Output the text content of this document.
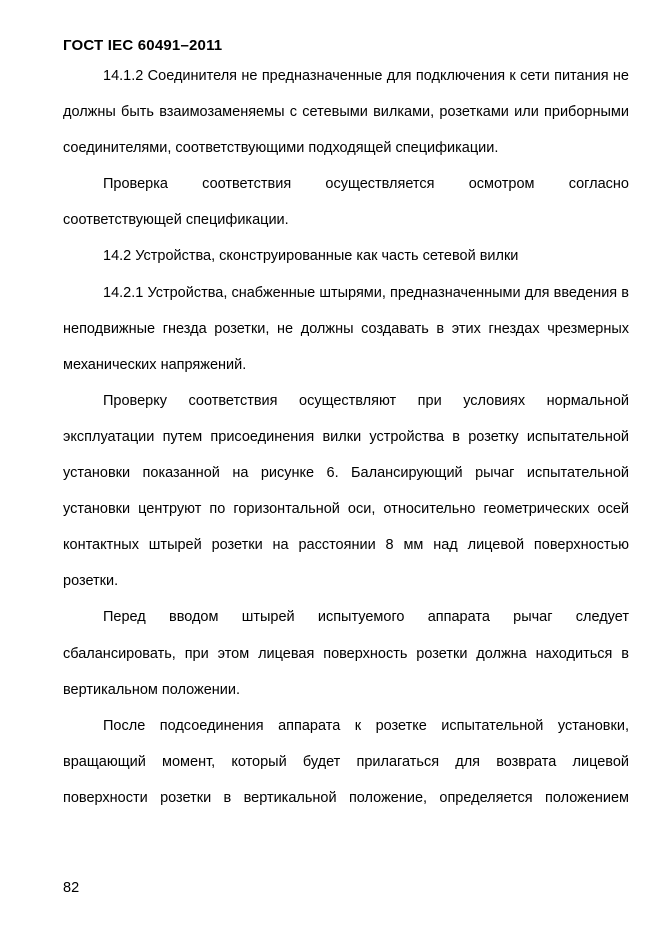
ГОСТ IEC 60491–2011

14.1.2 Соединителя не предназначенные для подключения к сети питания не должны быть взаимозаменяемы с сетевыми вилками, розетками или приборными соединителями, соответствующими подходящей спецификации.

Проверка соответствия осуществляется осмотром согласно соответствующей спецификации.

14.2 Устройства, сконструированные как часть сетевой вилки

14.2.1 Устройства, снабженные штырями, предназначенными для введения в неподвижные гнезда розетки, не должны создавать в этих гнездах чрезмерных механических напряжений.

Проверку соответствия осуществляют при условиях нормальной эксплуатации путем присоединения вилки устройства в розетку испытательной установки показанной на рисунке 6. Балансирующий рычаг испытательной установки центруют по горизонтальной оси, относительно геометрических осей контактных штырей розетки на расстоянии 8 мм над лицевой поверхностью розетки.

Перед вводом штырей испытуемого аппарата рычаг следует сбалансировать, при этом лицевая поверхность розетки должна находиться в вертикальном положении.

После подсоединения аппарата к розетке испытательной установки, вращающий момент, который будет прилагаться для возврата лицевой поверхности розетки в вертикальной положение, определяется положением

82
